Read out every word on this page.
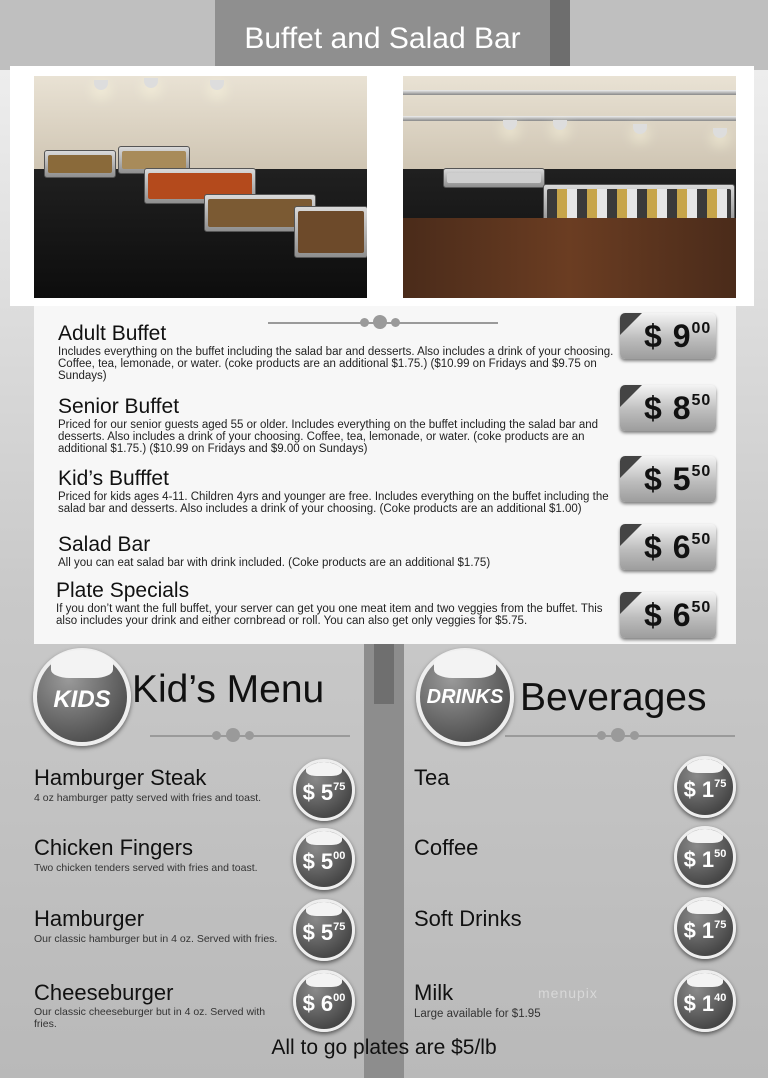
Buffet and Salad Bar
Adult Buffet
Includes everything on the buffet including the salad bar and desserts. Also includes a drink of your choosing. Coffee, tea, lemonade, or water. (coke products are an additional $1.75.) ($10.99 on Fridays and $9.75 on Sundays)
$ $9^{00}$
Senior Buffet
Priced for our senior guests aged 55 or older. Includes everything on the buffet including the salad bar and desserts. Also includes a drink of your choosing. Coffee, tea, lemonade, or water. (coke products are an additional $1.75.) ($10.99 on Fridays and $9.00 on Sundays)
$ $8^{50}$
Kid’s Bufffet
Priced for kids ages 4-11. Children 4yrs and younger are free. Includes everything on the buffet including the salad bar and desserts. Also includes a drink of your choosing. (Coke products are an additional $1.00)
$ $5^{50}$
Salad Bar
All you can eat salad bar with drink included. (Coke products are an additional $1.75)	$ $6^{50}$
Plate Specials
If you don’t want the full buffet, your server can get you one meat item and two veggies from the buffet. This also includes your drink and either cornbread or roll. You can also get only veggies for $5.75.	$ $6^{50}$
KIDS Kid’s Menu
Hamburger Steak
4 oz hamburger patty served with fries and toast.	$ $5^{75}$
Chicken Fingers
Two chicken tenders served with fries and toast.	$ $5^{00}$
Hamburger
Our classic hamburger but in 4 oz. Served with fries.	$ $5^{75}$
Cheeseburger
Our classic cheeseburger but in 4 oz. Served with fries.
$ $6^{00}$
DRINKS Beverages
Tea	$ $1^{75}$
Coffee	$ $1^{50}$
Soft Drinks	$ $1^{75}$
Milk
Large available for $1.95	$ $1^{40}$
menupix
All to go plates are $5/lb
